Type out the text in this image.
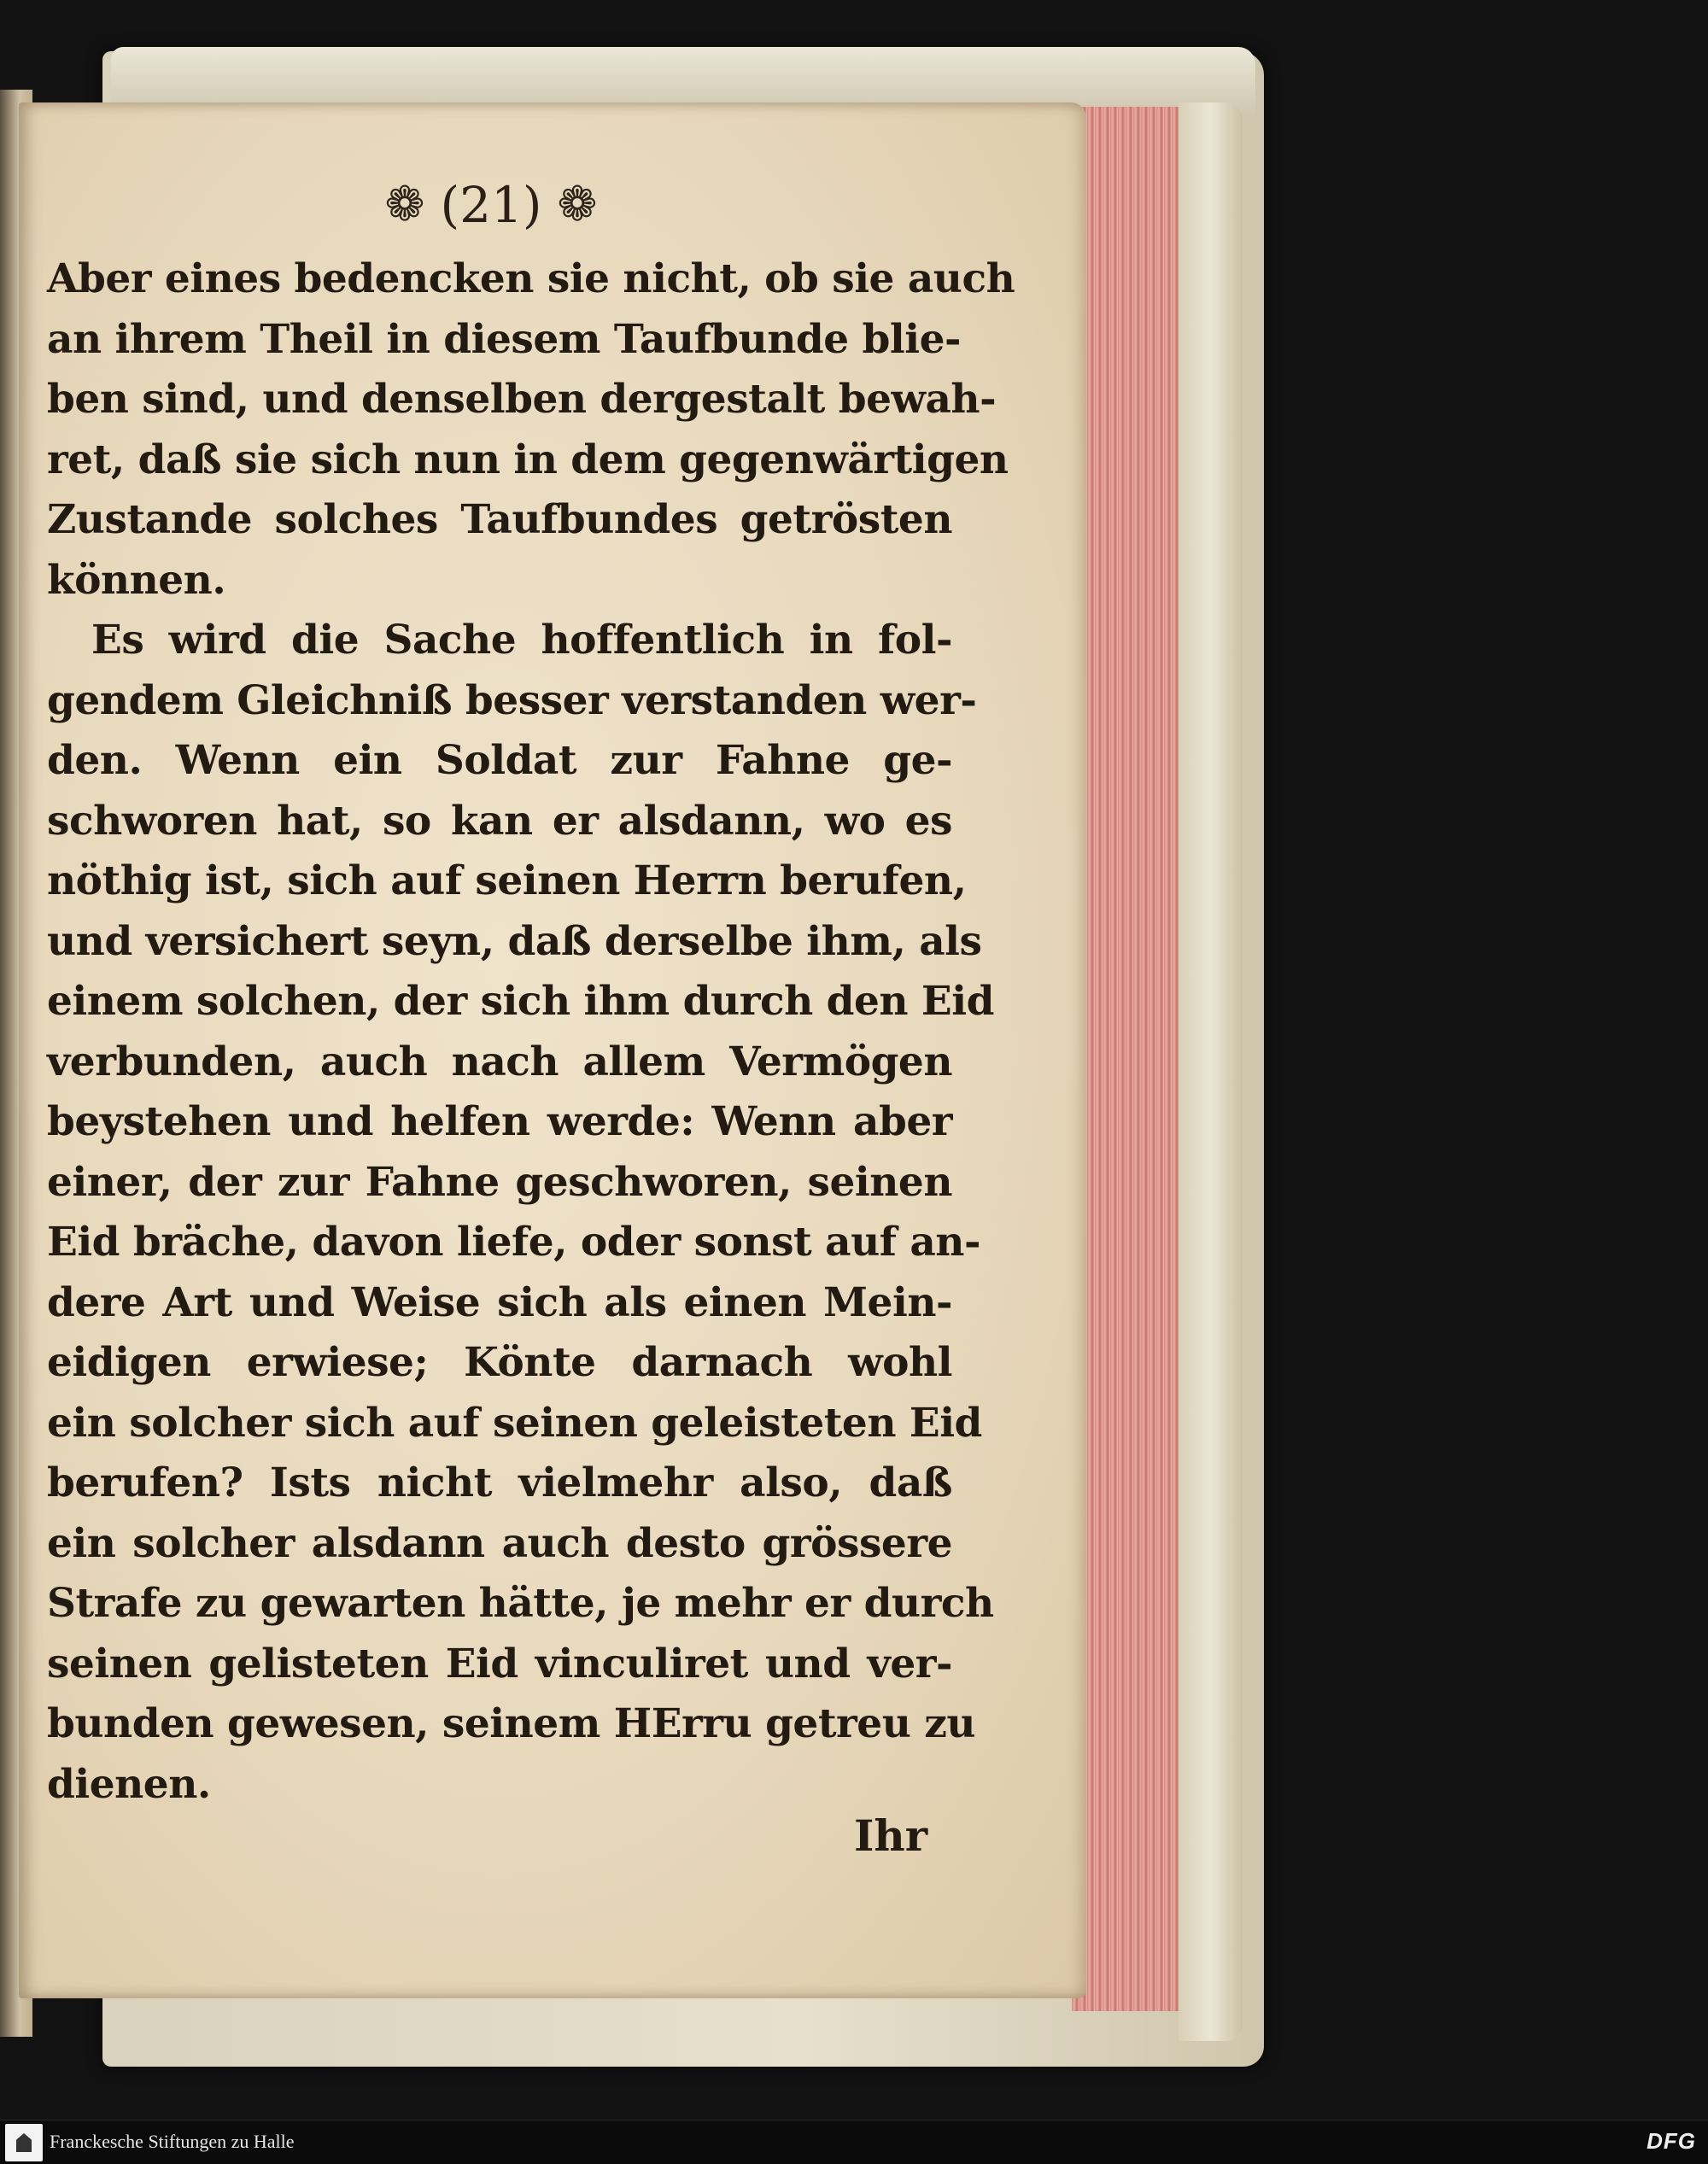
❁ (21) ❁
Aber eines bedencken sie nicht, ob sie auch
an ihrem Theil in diesem Taufbunde blie-
ben sind, und denselben dergestalt bewah-
ret, daß sie sich nun in dem gegenwärtigen
Zustande solches Taufbundes getrösten
können.
Es wird die Sache hoffentlich in fol-
gendem Gleichniß besser verstanden wer-
den. Wenn ein Soldat zur Fahne ge-
schworen hat, so kan er alsdann, wo es
nöthig ist, sich auf seinen Herrn berufen,
und versichert seyn, daß derselbe ihm, als
einem solchen, der sich ihm durch den Eid
verbunden, auch nach allem Vermögen
beystehen und helfen werde: Wenn aber
einer, der zur Fahne geschworen, seinen
Eid bräche, davon liefe, oder sonst auf an-
dere Art und Weise sich als einen Mein-
eidigen erwiese; Könte darnach wohl
ein solcher sich auf seinen geleisteten Eid
berufen? Ists nicht vielmehr also, daß
ein solcher alsdann auch desto grössere
Strafe zu gewarten hätte, je mehr er durch
seinen gelisteten Eid vinculiret und ver-
bunden gewesen, seinem HErru getreu zu
dienen.
Ihr
Franckesche Stiftungen zu Halle	DFG
